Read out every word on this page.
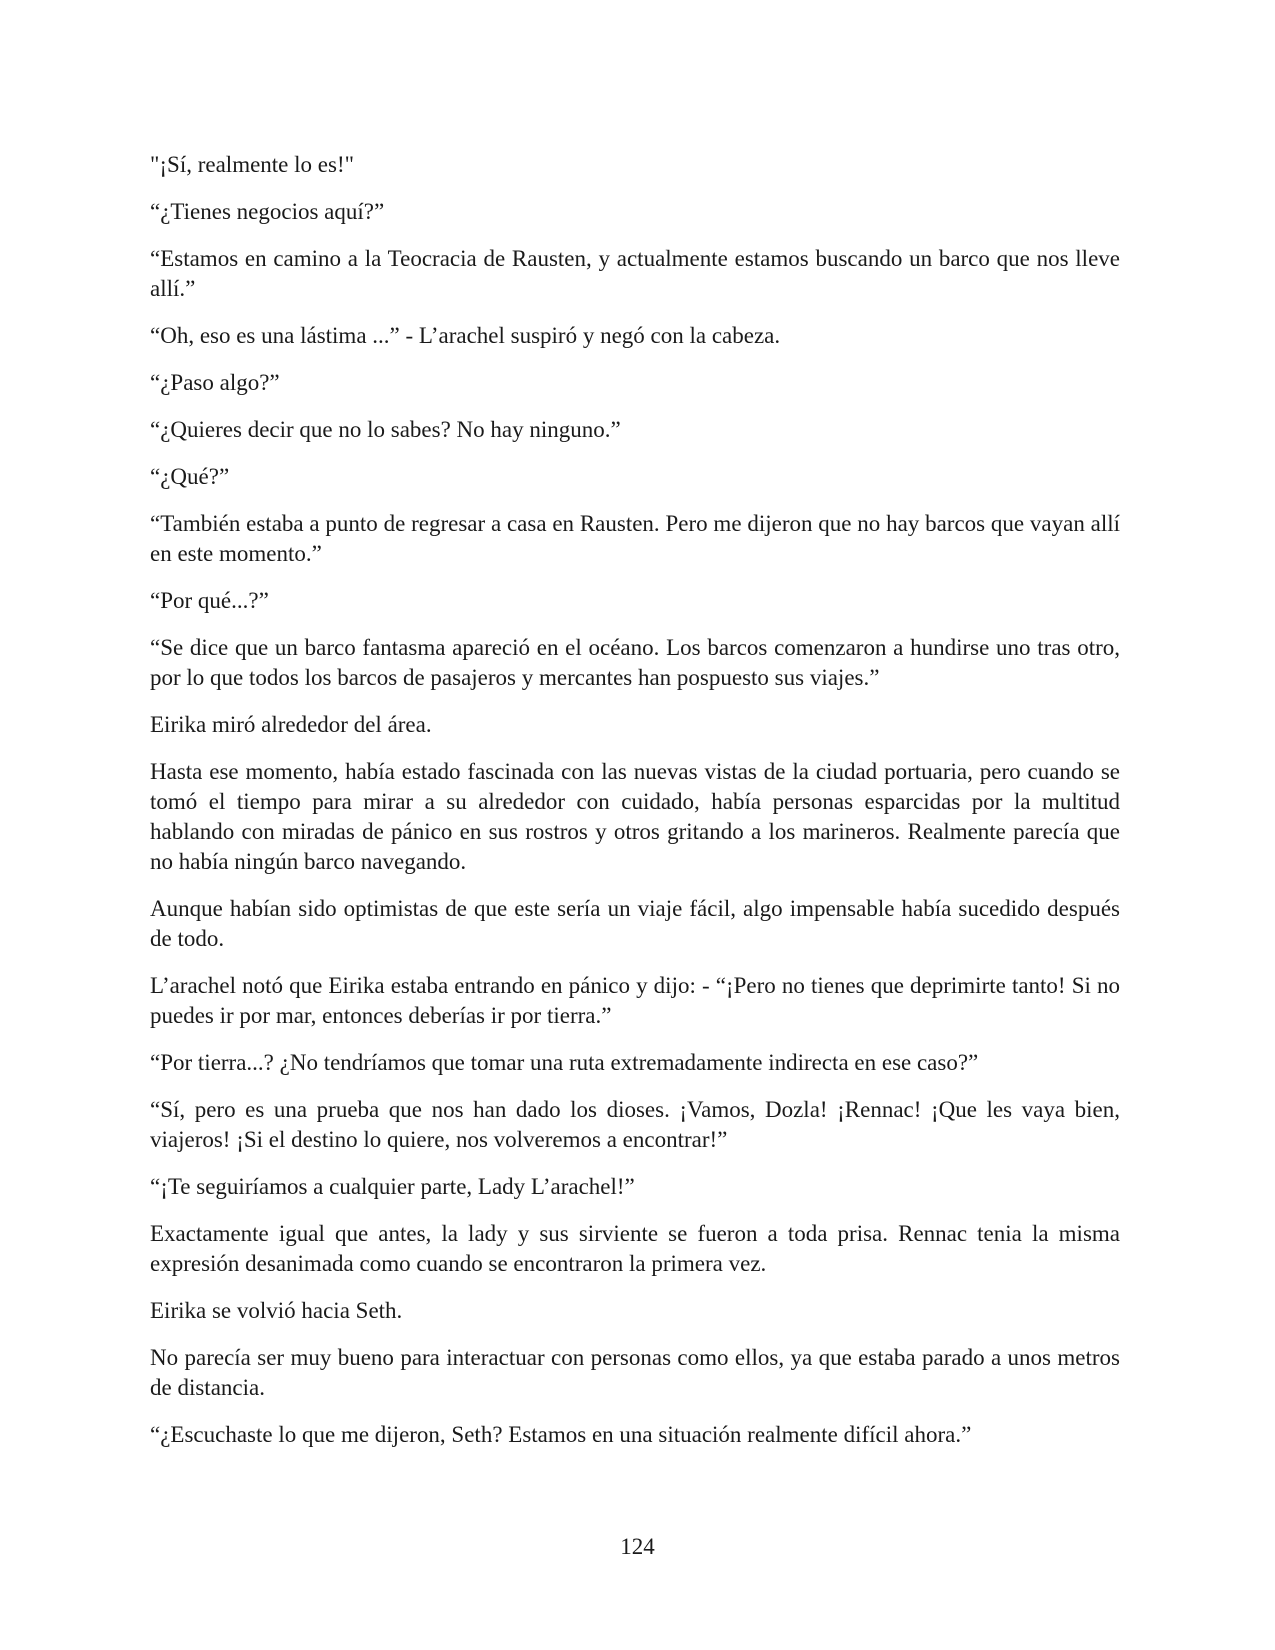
"¡Sí, realmente lo es!"

“¿Tienes negocios aquí?”

“Estamos en camino a la Teocracia de Rausten, y actualmente estamos buscando un barco que nos lleve allí.”

“Oh, eso es una lástima ...” - L’arachel suspiró y negó con la cabeza.

“¿Paso algo?”

“¿Quieres decir que no lo sabes? No hay ninguno.”

“¿Qué?”

“También estaba a punto de regresar a casa en Rausten. Pero me dijeron que no hay barcos que vayan allí en este momento.”

“Por qué...?”

“Se dice que un barco fantasma apareció en el océano. Los barcos comenzaron a hundirse uno tras otro, por lo que todos los barcos de pasajeros y mercantes han pospuesto sus viajes.”

Eirika miró alrededor del área.

Hasta ese momento, había estado fascinada con las nuevas vistas de la ciudad portuaria, pero cuando se tomó el tiempo para mirar a su alrededor con cuidado, había personas esparcidas por la multitud hablando con miradas de pánico en sus rostros y otros gritando a los marineros. Realmente parecía que no había ningún barco navegando.

Aunque habían sido optimistas de que este sería un viaje fácil, algo impensable había sucedido después de todo.

L’arachel notó que Eirika estaba entrando en pánico y dijo: - “¡Pero no tienes que deprimirte tanto! Si no puedes ir por mar, entonces deberías ir por tierra.”

“Por tierra...? ¿No tendríamos que tomar una ruta extremadamente indirecta en ese caso?”

“Sí, pero es una prueba que nos han dado los dioses. ¡Vamos, Dozla! ¡Rennac! ¡Que les vaya bien, viajeros! ¡Si el destino lo quiere, nos volveremos a encontrar!”

“¡Te seguiríamos a cualquier parte, Lady L’arachel!”

Exactamente igual que antes, la lady y sus sirviente se fueron a toda prisa. Rennac tenia la misma expresión desanimada como cuando se encontraron la primera vez.

Eirika se volvió hacia Seth.

No parecía ser muy bueno para interactuar con personas como ellos, ya que estaba parado a unos metros de distancia.

“¿Escuchaste lo que me dijeron, Seth? Estamos en una situación realmente difícil ahora.”

124
